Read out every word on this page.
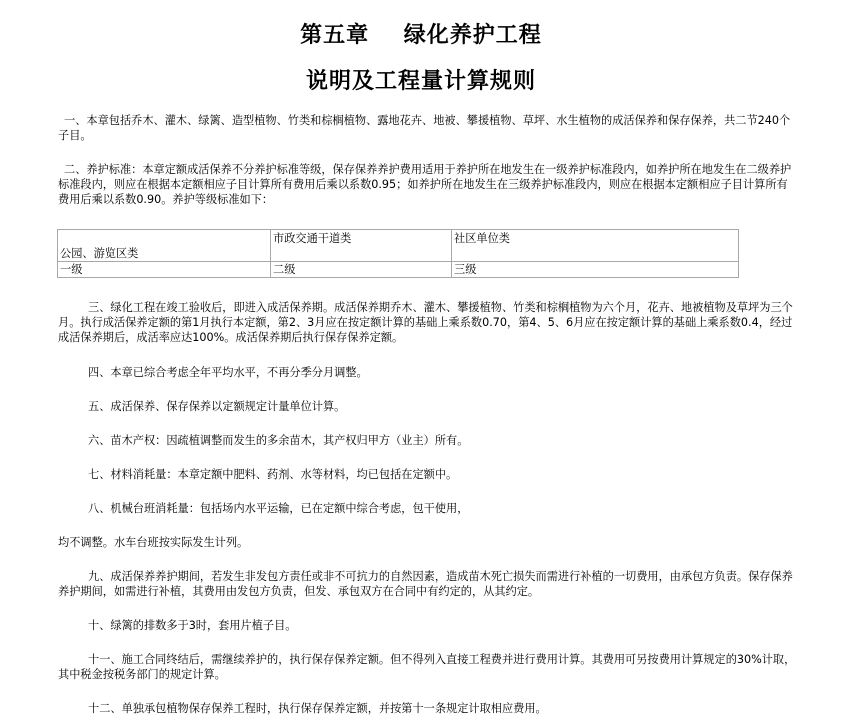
第五章    绿化养护工程
说明及工程量计算规则
一、本章包括乔木、灌木、绿篱、造型植物、竹类和棕榈植物、露地花卉、地被、攀援植物、草坪、水生植物的成活保养和保存保养，共二节240个子目。
二、养护标准：本章定额成活保养不分养护标准等级，保存保养养护费用适用于养护所在地发生在一级养护标准段内，如养护所在地发生在二级养护标准段内，则应在根据本定额相应子目计算所有费用后乘以系数0.95；如养护所在地发生在三级养护标准段内，则应在根据本定额相应子目计算所有费用后乘以系数0.90。养护等级标准如下：
公园、游览区类	市政交通干道类	社区单位类
一级	二级	三级
三、绿化工程在竣工验收后，即进入成活保养期。成活保养期乔木、灌木、攀援植物、竹类和棕榈植物为六个月，花卉、地被植物及草坪为三个月。执行成活保养定额的第1月执行本定额，第2、3月应在按定额计算的基础上乘系数0.70，第4、5、6月应在按定额计算的基础上乘系数0.4，经过成活保养期后，成活率应达100%。成活保养期后执行保存保养定额。
四、本章已综合考虑全年平均水平，不再分季分月调整。
五、成活保养、保存保养以定额规定计量单位计算。
六、苗木产权：因疏植调整而发生的多余苗木，其产权归甲方（业主）所有。
七、材料消耗量：本章定额中肥料、药剂、水等材料，均已包括在定额中。
八、机械台班消耗量：包括场内水平运输，已在定额中综合考虑，包干使用，
均不调整。水车台班按实际发生计列。
九、成活保养养护期间，若发生非发包方责任或非不可抗力的自然因素，造成苗木死亡损失而需进行补植的一切费用，由承包方负责。保存保养养护期间，如需进行补植，其费用由发包方负责，但发、承包双方在合同中有约定的，从其约定。
十、绿篱的排数多于3时，套用片植子目。
十一、施工合同终结后，需继续养护的，执行保存保养定额。但不得列入直接工程费并进行费用计算。其费用可另按费用计算规定的30%计取，其中税金按税务部门的规定计算。
十二、单独承包植物保存保养工程时，执行保存保养定额，并按第十一条规定计取相应费用。
